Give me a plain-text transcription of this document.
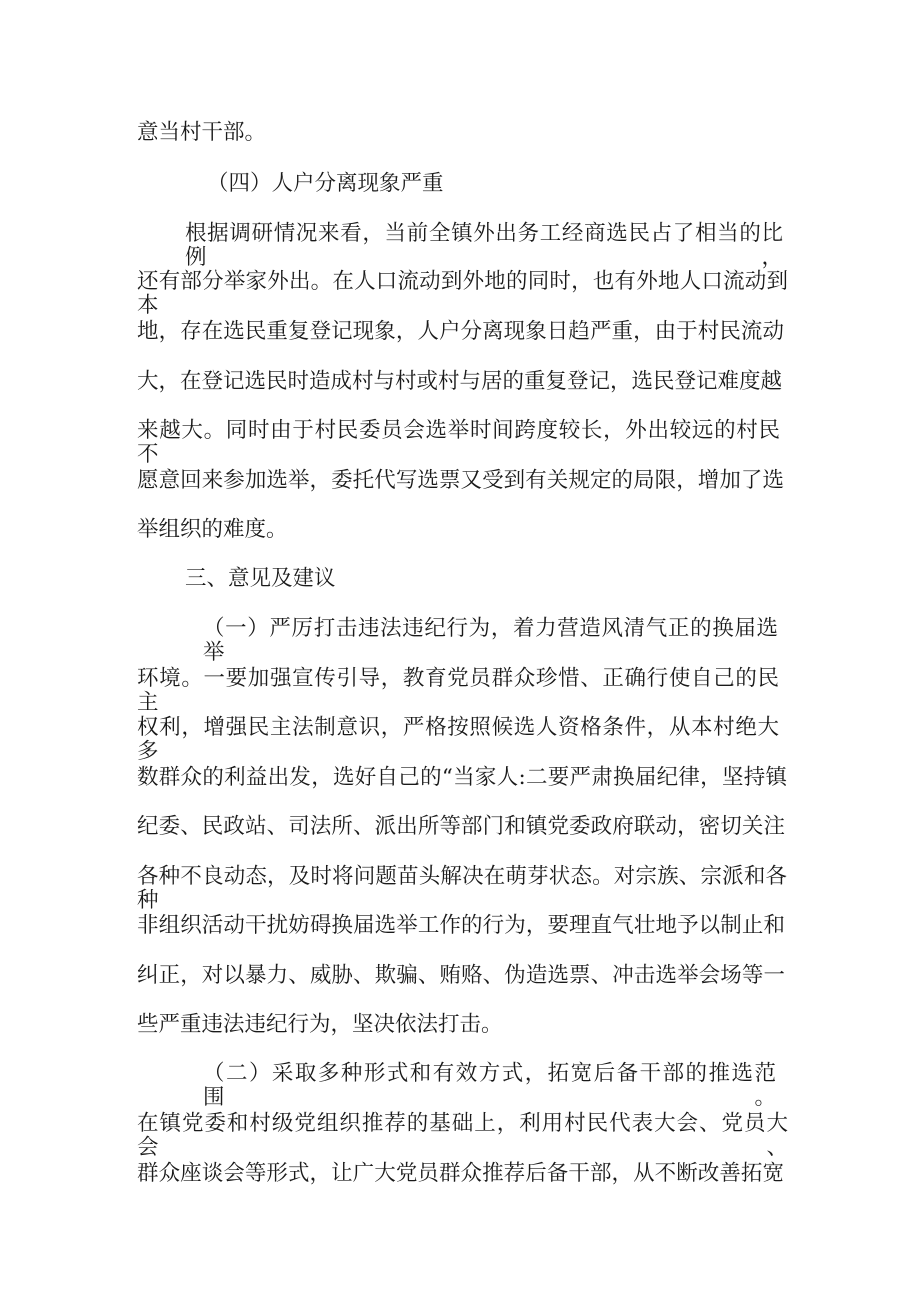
意当村干部。

（四）人户分离现象严重

根据调研情况来看，当前全镇外出务工经商选民占了相当的比例，

还有部分举家外出。在人口流动到外地的同时，也有外地人口流动到本

地，存在选民重复登记现象，人户分离现象日趋严重，由于村民流动

大，在登记选民时造成村与村或村与居的重复登记，选民登记难度越

来越大。同时由于村民委员会选举时间跨度较长，外出较远的村民不

愿意回来参加选举，委托代写选票又受到有关规定的局限，增加了选

举组织的难度。

三、意见及建议

（一）严厉打击违法违纪行为，着力营造风清气正的换届选举

环境。一要加强宣传引导，教育党员群众珍惜、正确行使自己的民主

权利，增强民主法制意识，严格按照候选人资格条件，从本村绝大多

数群众的利益出发，选好自己的“当家人:二要严肃换届纪律，坚持镇

纪委、民政站、司法所、派出所等部门和镇党委政府联动，密切关注

各种不良动态，及时将问题苗头解决在萌芽状态。对宗族、宗派和各种

非组织活动干扰妨碍换届选举工作的行为，要理直气壮地予以制止和

纠正，对以暴力、威胁、欺骗、贿赂、伪造选票、冲击选举会场等一

些严重违法违纪行为，坚决依法打击。

（二）采取多种形式和有效方式，拓宽后备干部的推选范围。

在镇党委和村级党组织推荐的基础上，利用村民代表大会、党员大会、

群众座谈会等形式，让广大党员群众推荐后备干部，从不断改善拓宽
